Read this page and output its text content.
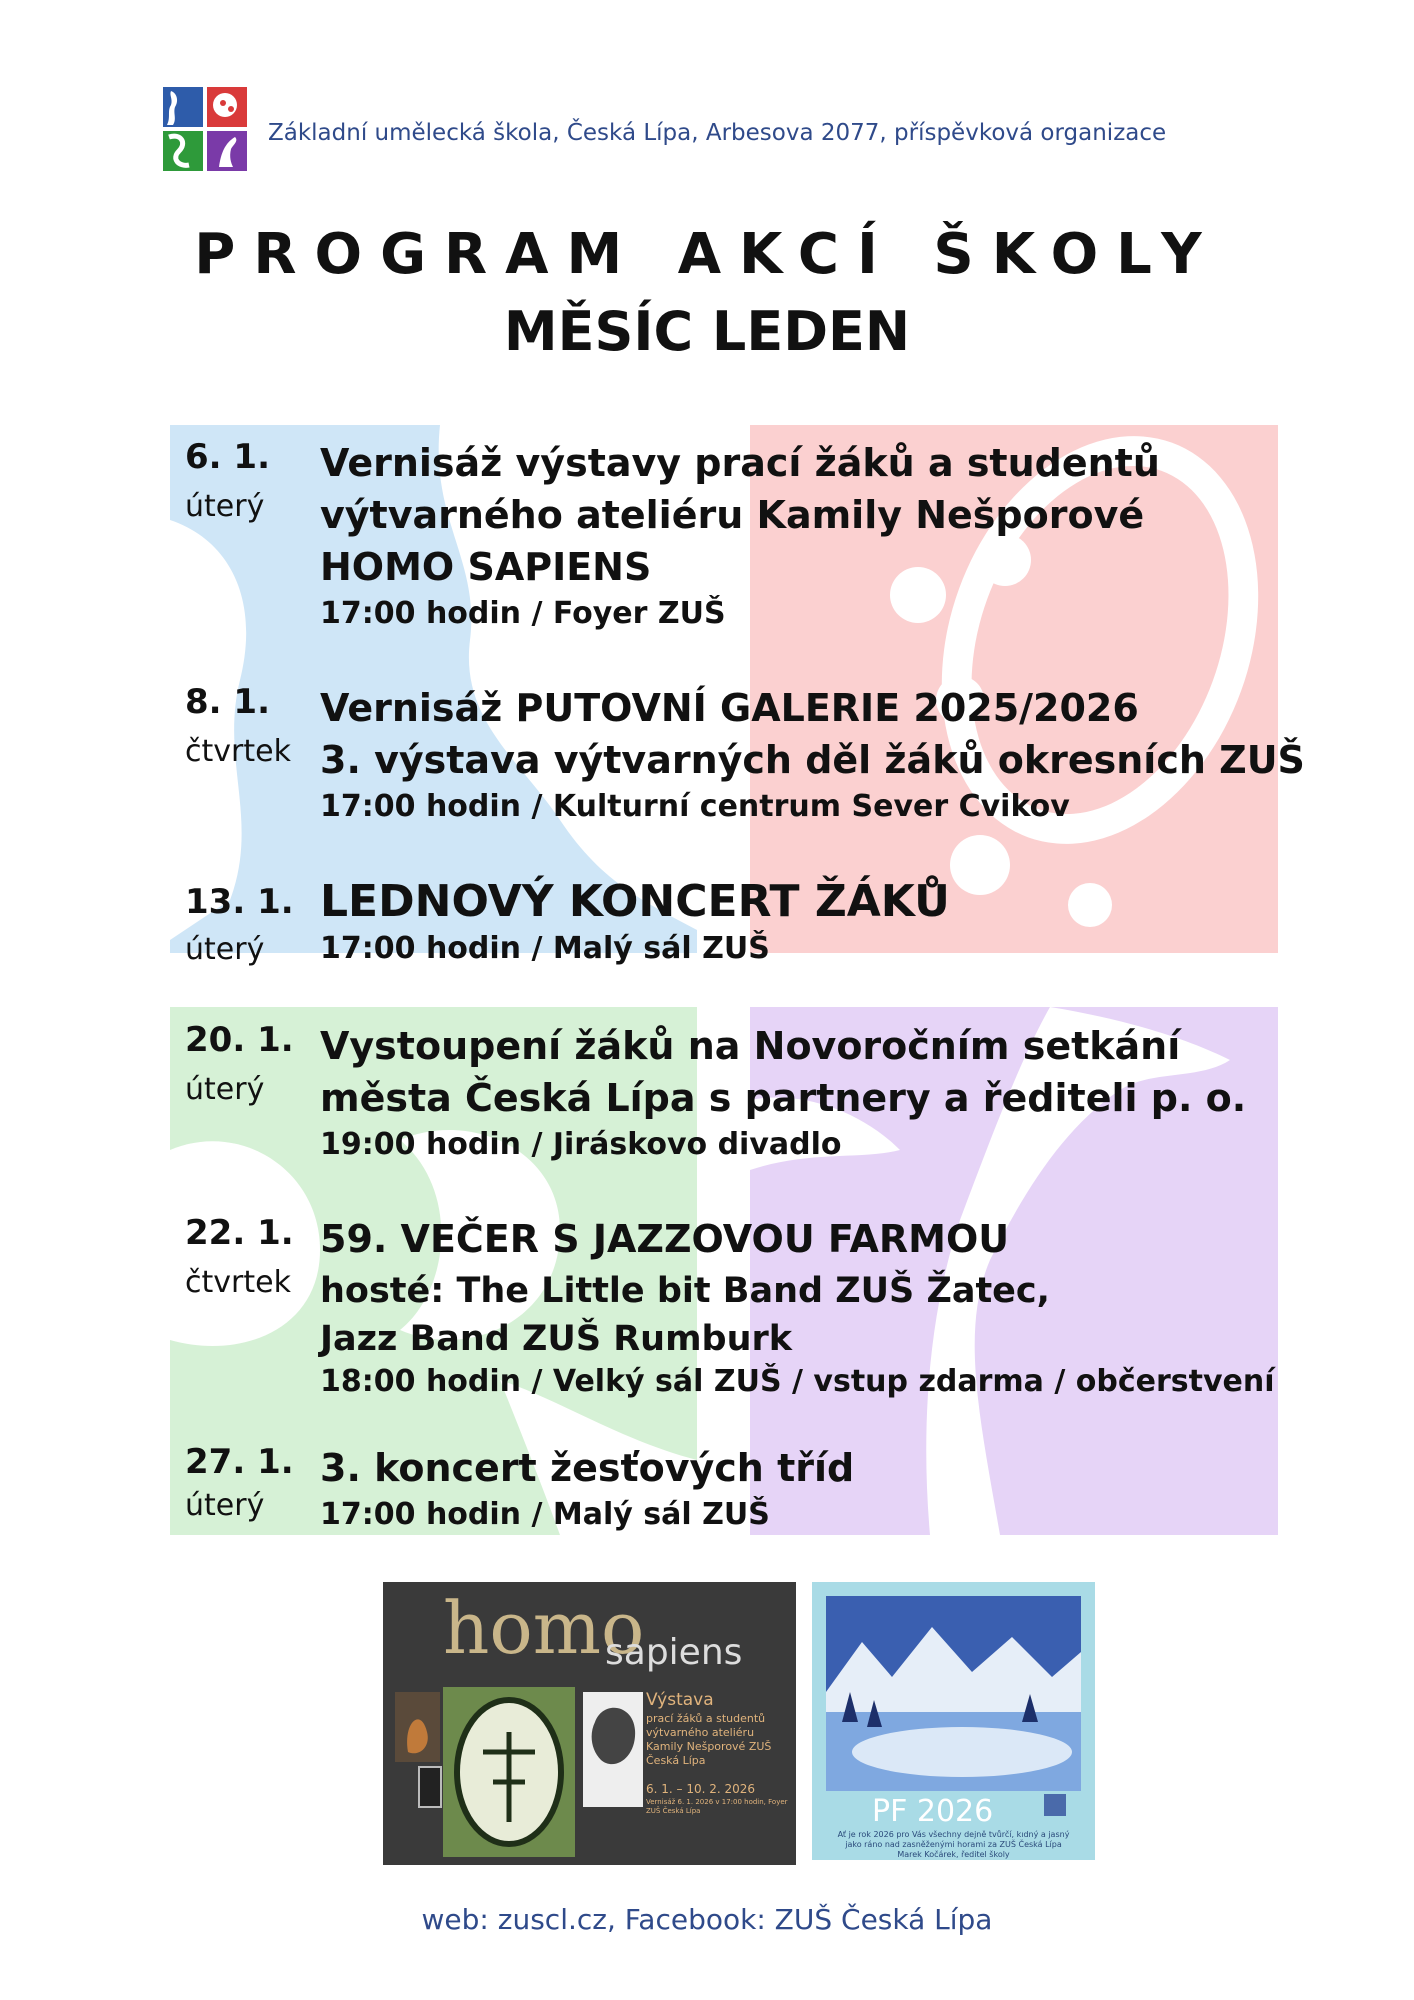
Základní umělecká škola, Česká Lípa, Arbesova 2077, příspěvková organizace
PROGRAM AKCÍ ŠKOLY
MĚSÍC LEDEN
6. 1.
úterý
Vernisáž výstavy prací žáků a studentů
výtvarného ateliéru Kamily Nešporové
HOMO SAPIENS
17:00 hodin / Foyer ZUŠ
8. 1.
čtvrtek
Vernisáž PUTOVNÍ GALERIE 2025/2026
3. výstava výtvarných děl žáků okresních ZUŠ
17:00 hodin / Kulturní centrum Sever Cvikov
13. 1.
úterý
LEDNOVÝ KONCERT ŽÁKŮ
17:00 hodin / Malý sál ZUŠ
20. 1.
úterý
Vystoupení žáků na Novoročním setkání
města Česká Lípa s partnery a řediteli p. o.
19:00 hodin / Jiráskovo divadlo
22. 1.
čtvrtek
59. VEČER S JAZZOVOU FARMOU
hosté: The Little bit Band ZUŠ Žatec,
Jazz Band ZUŠ Rumburk
18:00 hodin / Velký sál ZUŠ / vstup zdarma / občerstvení
27. 1.
úterý
3. koncert žesťových tříd
17:00 hodin / Malý sál ZUŠ
homo
sapiens
Výstava
prací žáků a studentů výtvarného ateliéru Kamily Nešporové ZUŠ Česká Lípa
6. 1. – 10. 2. 2026
Vernisáž 6. 1. 2026 v 17:00 hodin, Foyer ZUŠ Česká Lípa	PF 2026
Ať je rok 2026 pro Vás všechny dejně tvůrčí, kıdný a jasný jako ráno nad zasněženými horami za ZUŠ Česká Lípa Marek Kočárek, ředitel školy
web: zuscl.cz, Facebook: ZUŠ Česká Lípa
